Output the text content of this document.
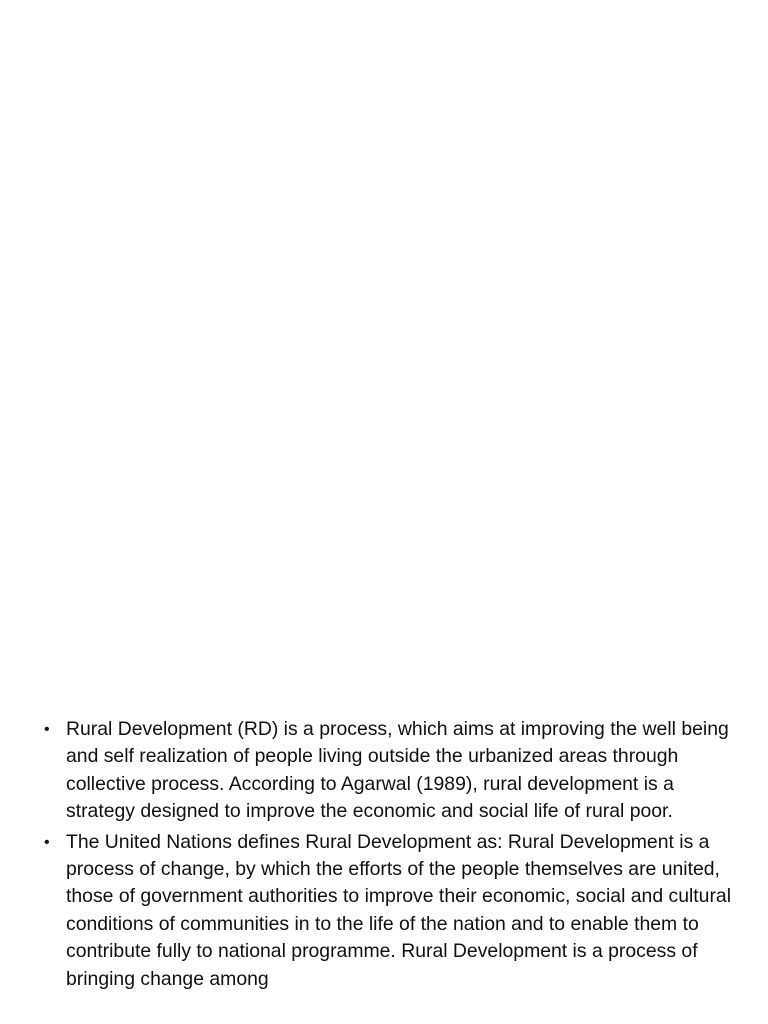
• Rural Development (RD) is a process, which aims at improving the well being and self realization of people living outside the urbanized areas through collective process. According to Agarwal (1989), rural development is a strategy designed to improve the economic and social life of rural poor.
• The United Nations defines Rural Development as: Rural Development is a process of change, by which the efforts of the people themselves are united, those of government authorities to improve their economic, social and cultural conditions of communities in to the life of the nation and to enable them to contribute fully to national programme. Rural Development is a process of bringing change among
